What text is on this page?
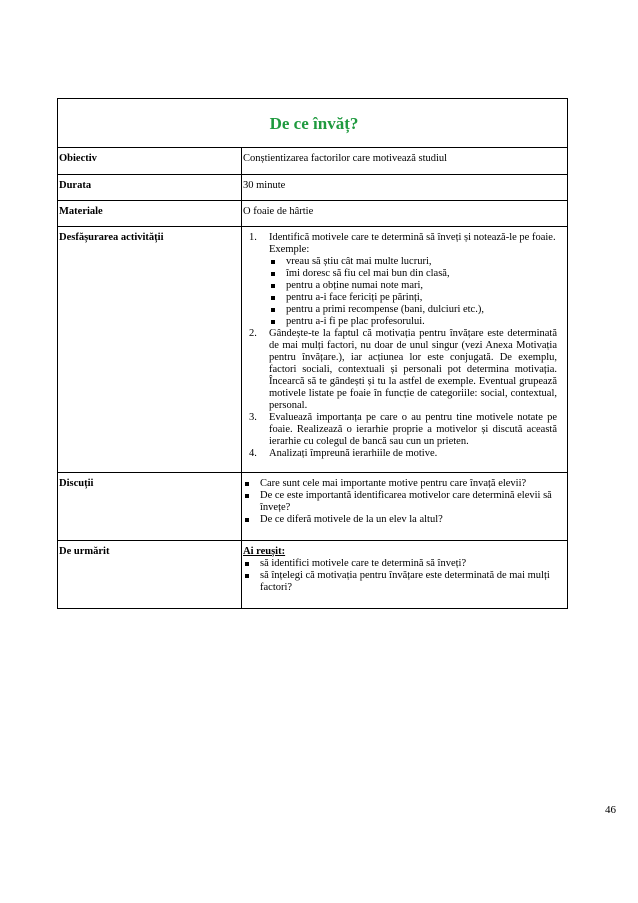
De ce învăț?
Obiectiv	Conștientizarea factorilor care motivează studiul
Durata	30 minute
Materiale	O foaie de hârtie
Desfășurarea activității	1. Identifică motivele care te determină să înveți și notează-le pe foaie.
Exemple:
vreau să știu cât mai multe lucruri,
îmi doresc să fiu cel mai bun din clasă,
pentru a obține numai note mari,
pentru a-i face fericiți pe părinți,
pentru a primi recompense (bani, dulciuri etc.),
pentru a-i fi pe plac profesorului.
2. Gândește-te la faptul că motivația pentru învățare este determinată de mai mulți factori, nu doar de unul singur (vezi Anexa Motivația pentru învățare.), iar acțiunea lor este conjugată. De exemplu, factori sociali, contextuali și personali pot determina motivația. Încearcă să te gândești și tu la astfel de exemple. Eventual grupează motivele listate pe foaie în funcție de categoriile: social, contextual, personal.
3. Evaluează importanța pe care o au pentru tine motivele notate pe foaie. Realizează o ierarhie proprie a motivelor și discută această ierarhie cu colegul de bancă sau cun un prieten.
4. Analizați împreună ierarhiile de motive.
Discuții	Care sunt cele mai importante motive pentru care învață elevii?
De ce este importantă identificarea motivelor care determină elevii să învețe?
De ce diferă motivele de la un elev la altul?
De urmărit	Ai reușit:
să identifici motivele care te determină să înveți?
să înțelegi că motivația pentru învățare este determinată de mai mulți factori?
46
